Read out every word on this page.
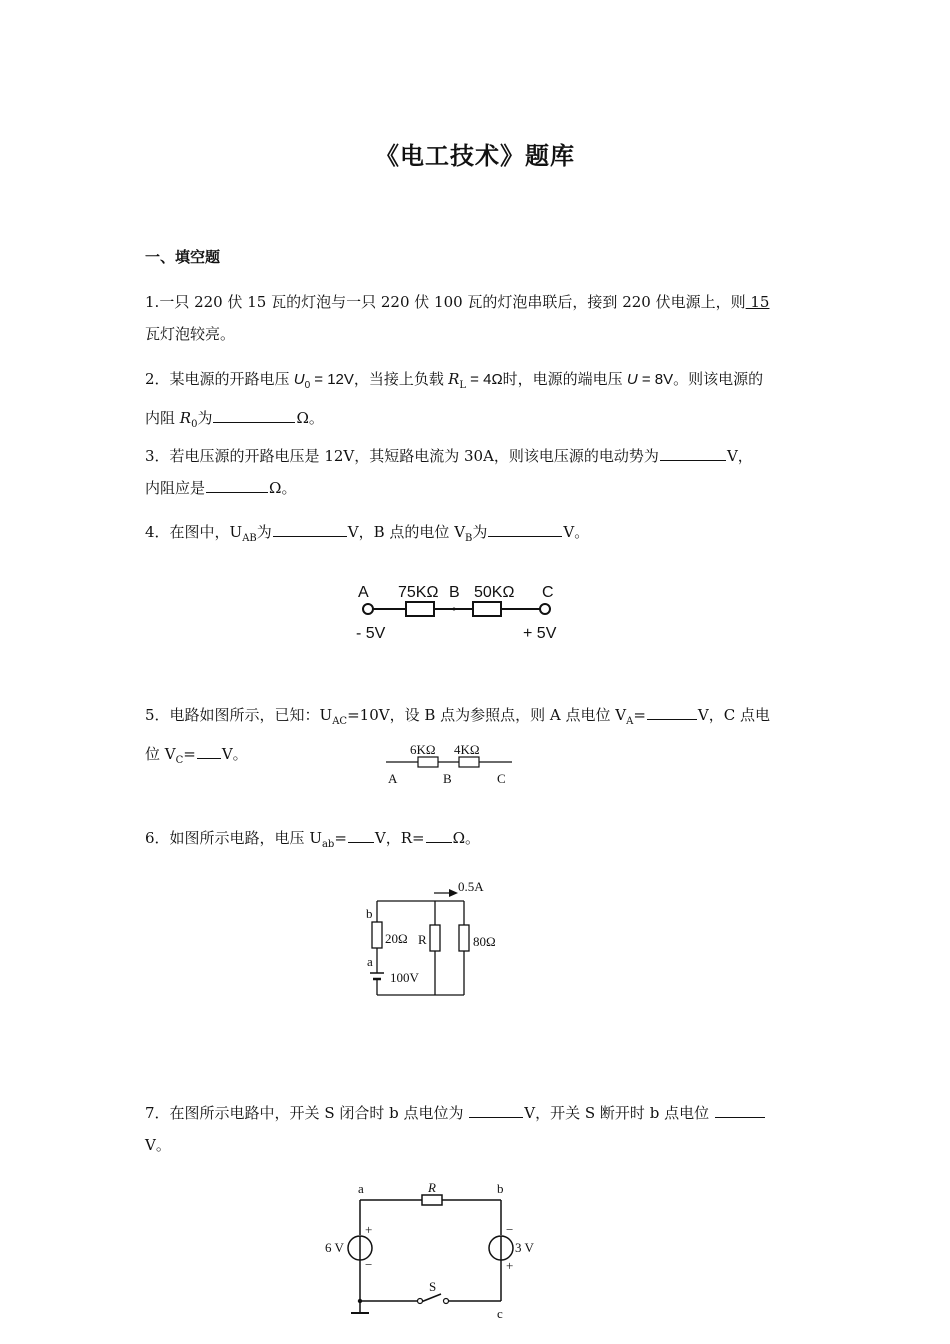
《电工技术》题库
一、填空题
1.一只 220 伏 15 瓦的灯泡与一只 220 伏 100 瓦的灯泡串联后，接到 220 伏电源上，则 15
瓦灯泡较亮。
2．某电源的开路电压 $U_0 = 12V$，当接上负载 $R_L = 4\Omega$时，电源的端电压 U = 8V。则该电源的
内阻 $R_0$为	Ω。
3．若电压源的开路电压是 12V，其短路电流为 30A，则该电压源的电动势为	V，
内阻应是	Ω。
4．在图中，$U_{AB}$为	V，B 点的电位 $V_B$为	V。
A 75KΩ B 50KΩ C
- 5V	+ 5V
5．电路如图所示，已知：$U_{AC}=10V$，设 B 点为参照点，则 A 点电位 $V_A=$	V，C 点电
位 $V_C= V$。	6KΩ 4KΩ
A	B	C
6．如图所示电路，电压 $U_{ab}= V$，R= Ω。
0.5A
b
20Ω R	80Ω
a
100V
7．在图所示电路中，开关 S 闭合时 b 点电位为	V，开关 S 断开时 b 点电位
V。
a	R	b
6 V	3 V
+
−
−
+
S
c
